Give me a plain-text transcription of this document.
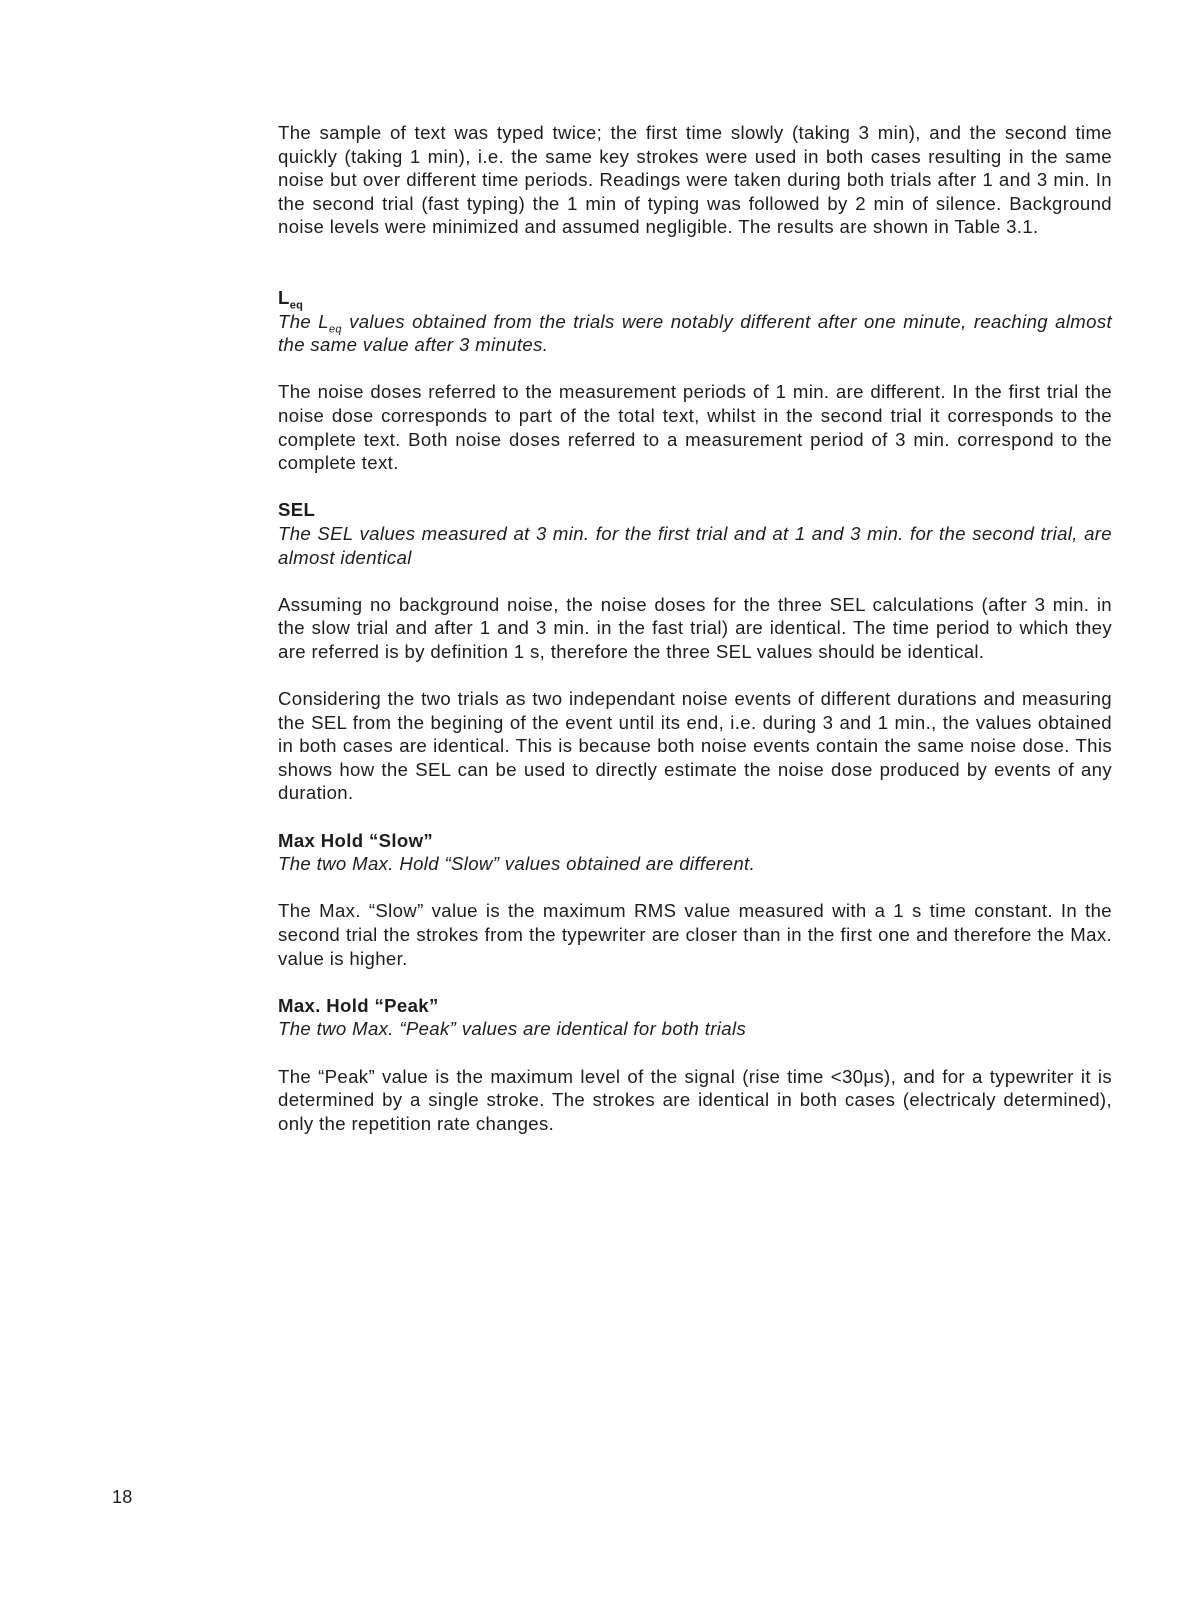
The sample of text was typed twice; the first time slowly (taking 3 min), and the second time quickly (taking 1 min), i.e. the same key strokes were used in both cases resulting in the same noise but over different time periods. Readings were taken during both trials after 1 and 3 min. In the second trial (fast typing) the 1 min of typing was followed by 2 min of silence. Background noise levels were minimized and assumed negligible. The results are shown in Table 3.1.

$L_{eq}$

The $L_{eq}$ values obtained from the trials were notably different after one minute, reaching almost the same value after 3 minutes.

The noise doses referred to the measurement periods of 1 min. are different. In the first trial the noise dose corresponds to part of the total text, whilst in the second trial it corresponds to the complete text. Both noise doses referred to a measurement period of 3 min. correspond to the complete text.

SEL

The SEL values measured at 3 min. for the first trial and at 1 and 3 min. for the second trial, are almost identical

Assuming no background noise, the noise doses for the three SEL calculations (after 3 min. in the slow trial and after 1 and 3 min. in the fast trial) are identical. The time period to which they are referred is by definition 1 s, therefore the three SEL values should be identical.

Considering the two trials as two independant noise events of different durations and measuring the SEL from the begining of the event until its end, i.e. during 3 and 1 min., the values obtained in both cases are identical. This is because both noise events contain the same noise dose. This shows how the SEL can be used to directly estimate the noise dose produced by events of any duration.

Max Hold “Slow”

The two Max. Hold “Slow” values obtained are different.

The Max. “Slow” value is the maximum RMS value measured with a 1 s time constant. In the second trial the strokes from the typewriter are closer than in the first one and therefore the Max. value is higher.

Max. Hold “Peak”

The two Max. “Peak” values are identical for both trials

The “Peak” value is the maximum level of the signal (rise time <30μs), and for a typewriter it is determined by a single stroke. The strokes are identical in both cases (electricaly determined), only the repetition rate changes.

18
